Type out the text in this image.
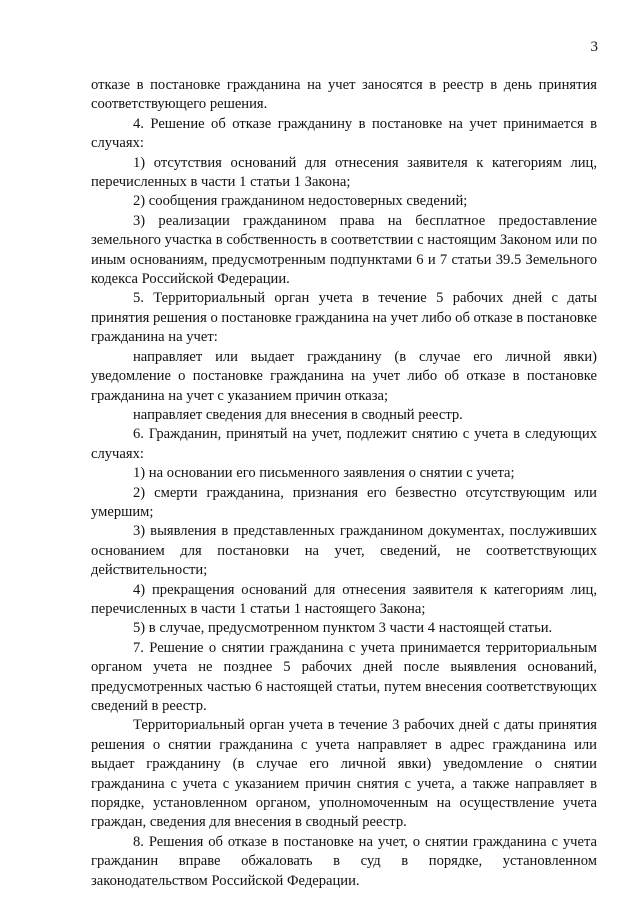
3

отказе в постановке гражданина на учет заносятся в реестр в день принятия соответствующего решения.

4. Решение об отказе гражданину в постановке на учет принимается в случаях:

1) отсутствия оснований для отнесения заявителя к категориям лиц, перечисленных в части 1 статьи 1 Закона;

2) сообщения гражданином недостоверных сведений;

3) реализации гражданином права на бесплатное предоставление земельного участка в собственность в соответствии с настоящим Законом или по иным основаниям, предусмотренным подпунктами 6 и 7 статьи 39.5 Земельного кодекса Российской Федерации.

5. Территориальный орган учета в течение 5 рабочих дней с даты принятия решения о постановке гражданина на учет либо об отказе в постановке гражданина на учет:

направляет или выдает гражданину (в случае его личной явки) уведомление о постановке гражданина на учет либо об отказе в постановке гражданина на учет с указанием причин отказа;

направляет сведения для внесения в сводный реестр.

6. Гражданин, принятый на учет, подлежит снятию с учета в следующих случаях:

1) на основании его письменного заявления о снятии с учета;

2) смерти гражданина, признания его безвестно отсутствующим или умершим;

3) выявления в представленных гражданином документах, послуживших основанием для постановки на учет, сведений, не соответствующих действительности;

4) прекращения оснований для отнесения заявителя к категориям лиц, перечисленных в части 1 статьи 1 настоящего Закона;

5) в случае, предусмотренном пунктом 3 части 4 настоящей статьи.

7. Решение о снятии гражданина с учета принимается территориальным органом учета не позднее 5 рабочих дней после выявления оснований, предусмотренных частью 6 настоящей статьи, путем внесения соответствующих сведений в реестр.

Территориальный орган учета в течение 3 рабочих дней с даты принятия решения о снятии гражданина с учета направляет в адрес гражданина или выдает гражданину (в случае его личной явки) уведомление о снятии гражданина с учета с указанием причин снятия с учета, а также направляет в порядке, установленном органом, уполномоченным на осуществление учета граждан, сведения для внесения в сводный реестр.

8. Решения об отказе в постановке на учет, о снятии гражданина с учета гражданин вправе обжаловать в суд в порядке, установленном законодательством Российской Федерации.
